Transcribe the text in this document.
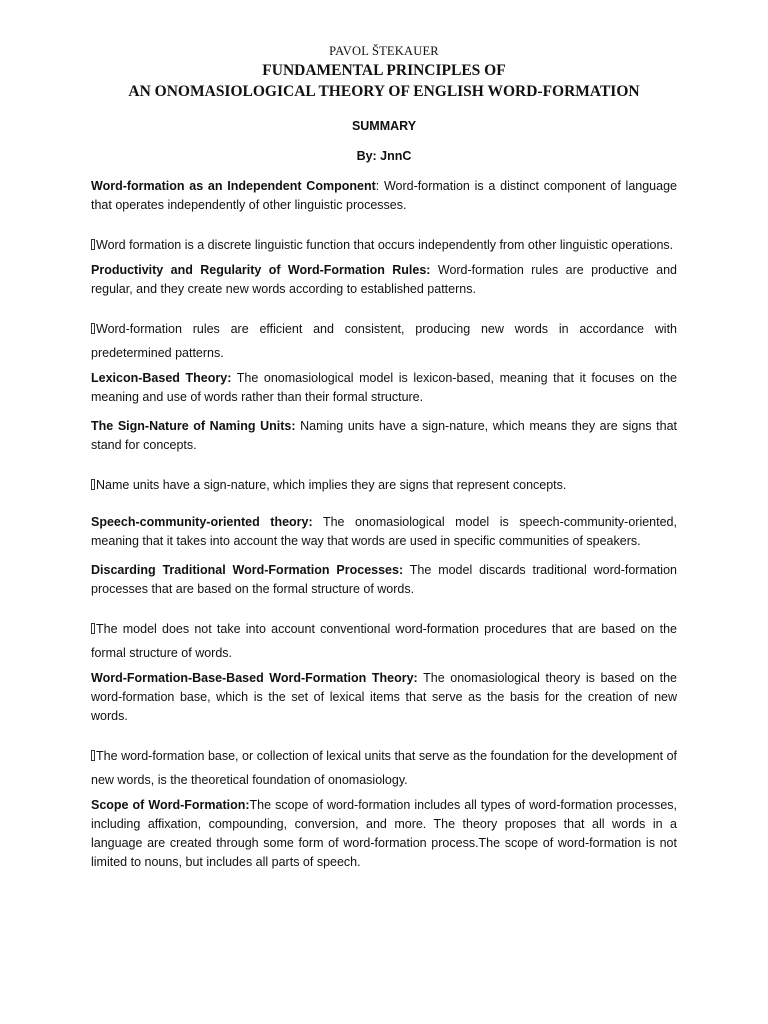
PAVOL ŠTEKAUER

FUNDAMENTAL PRINCIPLES OF

AN ONOMASIOLOGICAL THEORY OF ENGLISH WORD-FORMATION

SUMMARY

By: JnnC

Word-formation as an Independent Component: Word-formation is a distinct component of language that operates independently of other linguistic processes.

Word formation is a discrete linguistic function that occurs independently from other linguistic operations.

Productivity and Regularity of Word-Formation Rules: Word-formation rules are productive and regular, and they create new words according to established patterns.

Word-formation rules are efficient and consistent, producing new words in accordance with predetermined patterns.

Lexicon-Based Theory: The onomasiological model is lexicon-based, meaning that it focuses on the meaning and use of words rather than their formal structure.

The Sign-Nature of Naming Units: Naming units have a sign-nature, which means they are signs that stand for concepts.

Name units have a sign-nature, which implies they are signs that represent concepts.

Speech-community-oriented theory: The onomasiological model is speech-community-oriented, meaning that it takes into account the way that words are used in specific communities of speakers.

Discarding Traditional Word-Formation Processes: The model discards traditional word-formation processes that are based on the formal structure of words.

The model does not take into account conventional word-formation procedures that are based on the formal structure of words.

Word-Formation-Base-Based Word-Formation Theory: The onomasiological theory is based on the word-formation base, which is the set of lexical items that serve as the basis for the creation of new words.

The word-formation base, or collection of lexical units that serve as the foundation for the development of new words, is the theoretical foundation of onomasiology.

Scope of Word-Formation:The scope of word-formation includes all types of word-formation processes, including affixation, compounding, conversion, and more. The theory proposes that all words in a language are created through some form of word-formation process.The scope of word-formation is not limited to nouns, but includes all parts of speech.
